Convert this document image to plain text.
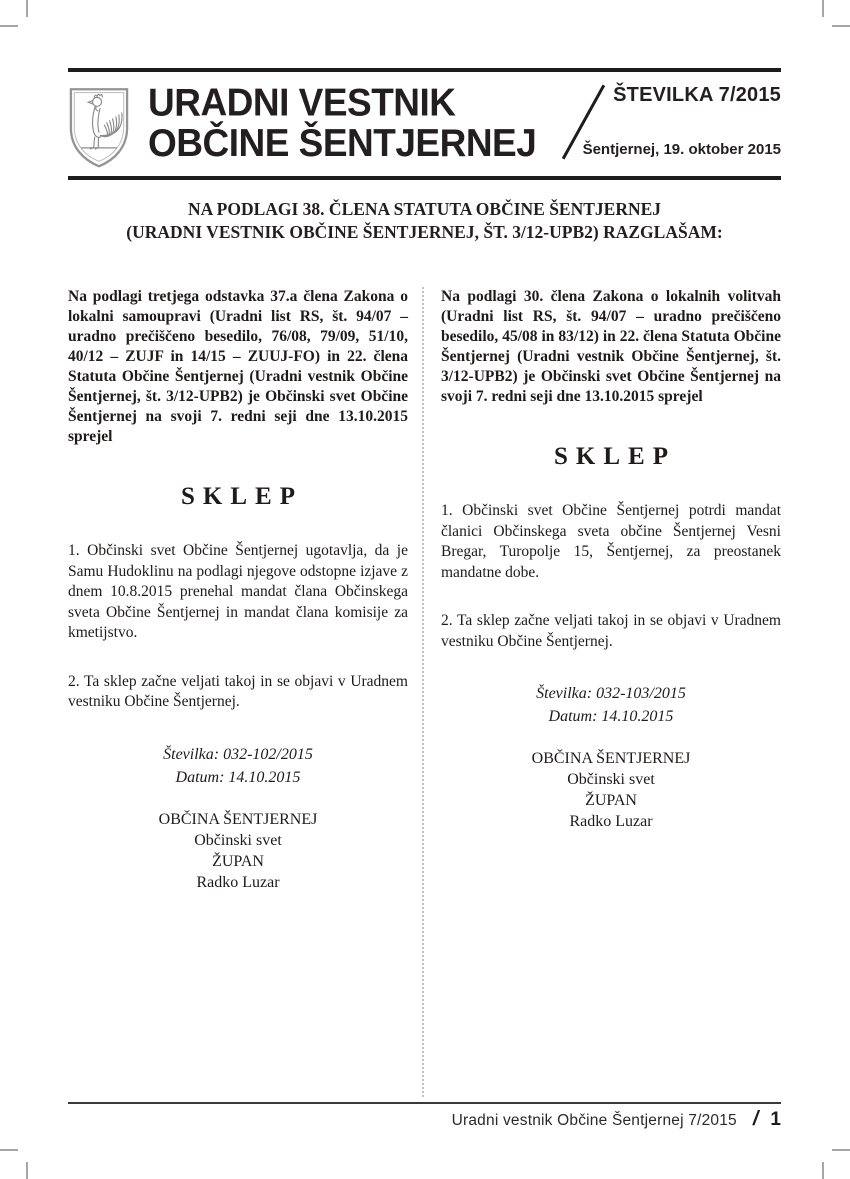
URADNI VESTNIK
OBČINE ŠENTJERNEJ
ŠTEVILKA 7/2015
Šentjernej, 19. oktober 2015
NA PODLAGI 38. ČLENA STATUTA OBČINE ŠENTJERNEJ
(URADNI VESTNIK OBČINE ŠENTJERNEJ, ŠT. 3/12-UPB2) RAZGLAŠAM:

Na podlagi tretjega odstavka 37.a člena Zakona o lokalni samoupravi (Uradni list RS, št. 94/07 – uradno prečiščeno besedilo, 76/08, 79/09, 51/10, 40/12 – ZUJF in 14/15 – ZUUJ-FO) in 22. člena Statuta Občine Šentjernej (Uradni vestnik Občine Šentjernej, št. 3/12-UPB2) je Občinski svet Občine Šentjernej na svoji 7. redni seji dne 13.10.2015 sprejel

SKLEP

1. Občinski svet Občine Šentjernej ugotavlja, da je Samu Hudoklinu na podlagi njegove odstopne izjave z dnem 10.8.2015 prenehal mandat člana Občinskega sveta Občine Šentjernej in mandat člana komisije za kmetijstvo.

2. Ta sklep začne veljati takoj in se objavi v Uradnem vestniku Občine Šentjernej.

Številka: 032-102/2015
Datum: 14.10.2015
OBČINA ŠENTJERNEJ
Občinski svet
ŽUPAN
Radko Luzar

Na podlagi 30. člena Zakona o lokalnih volitvah (Uradni list RS, št. 94/07 – uradno prečiščeno besedilo, 45/08 in 83/12) in 22. člena Statuta Občine Šentjernej (Uradni vestnik Občine Šentjernej, št. 3/12-UPB2) je Občinski svet Občine Šentjernej na svoji 7. redni seji dne 13.10.2015 sprejel

SKLEP

1. Občinski svet Občine Šentjernej potrdi mandat članici Občinskega sveta občine Šentjernej Vesni Bregar, Turopolje 15, Šentjernej, za preostanek mandatne dobe.

2. Ta sklep začne veljati takoj in se objavi v Uradnem vestniku Občine Šentjernej.

Številka: 032-103/2015
Datum: 14.10.2015
OBČINA ŠENTJERNEJ
Občinski svet
ŽUPAN
Radko Luzar
Uradni vestnik Občine Šentjernej 7/2015 / 1
